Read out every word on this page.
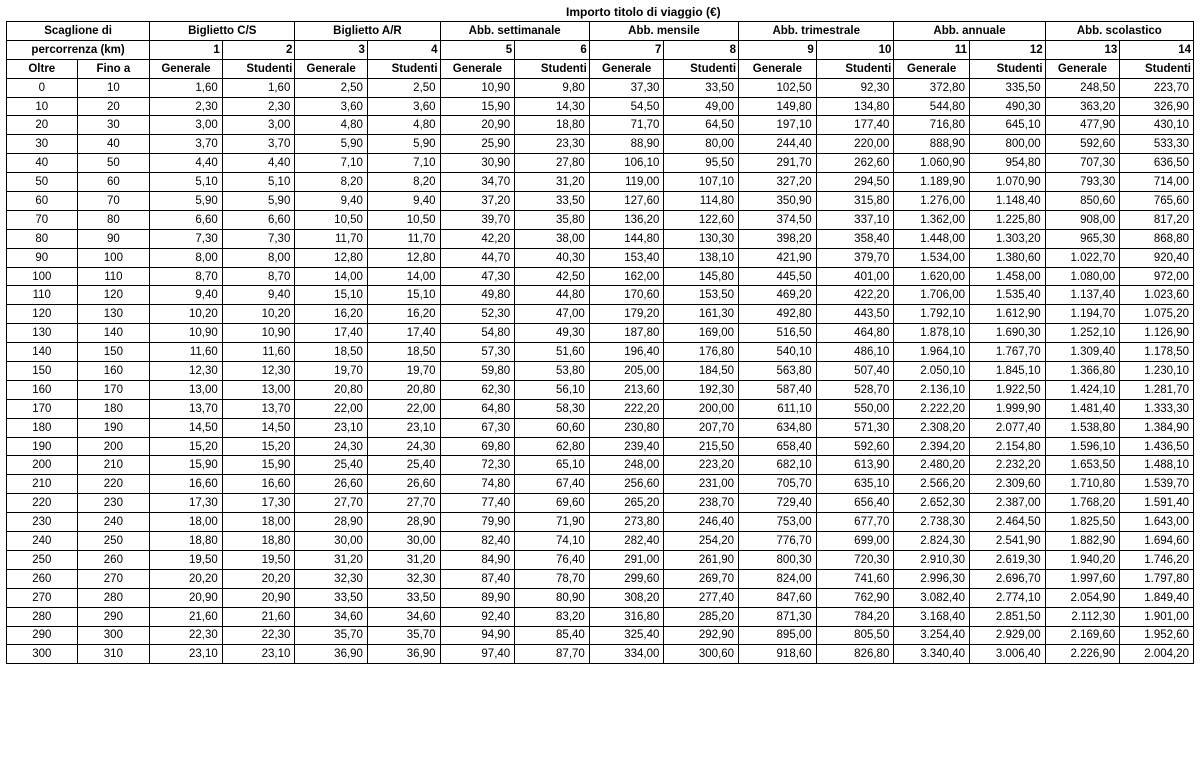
Importo titolo di viaggio (€)
Scaglione di		Biglietto C/S		Biglietto A/R		Abb. settimanale		Abb. mensile		Abb. trimestrale		Abb. annuale		Abb. scolastico	
percorrenza (km)		1	2	3	4	5	6	7	8	9	10	11	12	13	14
Oltre	Fino a	Generale	Studenti	Generale	Studenti	Generale	Studenti	Generale	Studenti	Generale	Studenti	Generale	Studenti	Generale	Studenti
0	10	1,60	1,60	2,50	2,50	10,90	9,80	37,30	33,50	102,50	92,30	372,80	335,50	248,50	223,70
10	20	2,30	2,30	3,60	3,60	15,90	14,30	54,50	49,00	149,80	134,80	544,80	490,30	363,20	326,90
20	30	3,00	3,00	4,80	4,80	20,90	18,80	71,70	64,50	197,10	177,40	716,80	645,10	477,90	430,10
30	40	3,70	3,70	5,90	5,90	25,90	23,30	88,90	80,00	244,40	220,00	888,90	800,00	592,60	533,30
40	50	4,40	4,40	7,10	7,10	30,90	27,80	106,10	95,50	291,70	262,60	1.060,90	954,80	707,30	636,50
50	60	5,10	5,10	8,20	8,20	34,70	31,20	119,00	107,10	327,20	294,50	1.189,90	1.070,90	793,30	714,00
60	70	5,90	5,90	9,40	9,40	37,20	33,50	127,60	114,80	350,90	315,80	1.276,00	1.148,40	850,60	765,60
70	80	6,60	6,60	10,50	10,50	39,70	35,80	136,20	122,60	374,50	337,10	1.362,00	1.225,80	908,00	817,20
80	90	7,30	7,30	11,70	11,70	42,20	38,00	144,80	130,30	398,20	358,40	1.448,00	1.303,20	965,30	868,80
90	100	8,00	8,00	12,80	12,80	44,70	40,30	153,40	138,10	421,90	379,70	1.534,00	1.380,60	1.022,70	920,40
100	110	8,70	8,70	14,00	14,00	47,30	42,50	162,00	145,80	445,50	401,00	1.620,00	1.458,00	1.080,00	972,00
110	120	9,40	9,40	15,10	15,10	49,80	44,80	170,60	153,50	469,20	422,20	1.706,00	1.535,40	1.137,40	1.023,60
120	130	10,20	10,20	16,20	16,20	52,30	47,00	179,20	161,30	492,80	443,50	1.792,10	1.612,90	1.194,70	1.075,20
130	140	10,90	10,90	17,40	17,40	54,80	49,30	187,80	169,00	516,50	464,80	1.878,10	1.690,30	1.252,10	1.126,90
140	150	11,60	11,60	18,50	18,50	57,30	51,60	196,40	176,80	540,10	486,10	1.964,10	1.767,70	1.309,40	1.178,50
150	160	12,30	12,30	19,70	19,70	59,80	53,80	205,00	184,50	563,80	507,40	2.050,10	1.845,10	1.366,80	1.230,10
160	170	13,00	13,00	20,80	20,80	62,30	56,10	213,60	192,30	587,40	528,70	2.136,10	1.922,50	1.424,10	1.281,70
170	180	13,70	13,70	22,00	22,00	64,80	58,30	222,20	200,00	611,10	550,00	2.222,20	1.999,90	1.481,40	1.333,30
180	190	14,50	14,50	23,10	23,10	67,30	60,60	230,80	207,70	634,80	571,30	2.308,20	2.077,40	1.538,80	1.384,90
190	200	15,20	15,20	24,30	24,30	69,80	62,80	239,40	215,50	658,40	592,60	2.394,20	2.154,80	1.596,10	1.436,50
200	210	15,90	15,90	25,40	25,40	72,30	65,10	248,00	223,20	682,10	613,90	2.480,20	2.232,20	1.653,50	1.488,10
210	220	16,60	16,60	26,60	26,60	74,80	67,40	256,60	231,00	705,70	635,10	2.566,20	2.309,60	1.710,80	1.539,70
220	230	17,30	17,30	27,70	27,70	77,40	69,60	265,20	238,70	729,40	656,40	2.652,30	2.387,00	1.768,20	1.591,40
230	240	18,00	18,00	28,90	28,90	79,90	71,90	273,80	246,40	753,00	677,70	2.738,30	2.464,50	1.825,50	1.643,00
240	250	18,80	18,80	30,00	30,00	82,40	74,10	282,40	254,20	776,70	699,00	2.824,30	2.541,90	1.882,90	1.694,60
250	260	19,50	19,50	31,20	31,20	84,90	76,40	291,00	261,90	800,30	720,30	2.910,30	2.619,30	1.940,20	1.746,20
260	270	20,20	20,20	32,30	32,30	87,40	78,70	299,60	269,70	824,00	741,60	2.996,30	2.696,70	1.997,60	1.797,80
270	280	20,90	20,90	33,50	33,50	89,90	80,90	308,20	277,40	847,60	762,90	3.082,40	2.774,10	2.054,90	1.849,40
280	290	21,60	21,60	34,60	34,60	92,40	83,20	316,80	285,20	871,30	784,20	3.168,40	2.851,50	2.112,30	1.901,00
290	300	22,30	22,30	35,70	35,70	94,90	85,40	325,40	292,90	895,00	805,50	3.254,40	2.929,00	2.169,60	1.952,60
300	310	23,10	23,10	36,90	36,90	97,40	87,70	334,00	300,60	918,60	826,80	3.340,40	3.006,40	2.226,90	2.004,20
